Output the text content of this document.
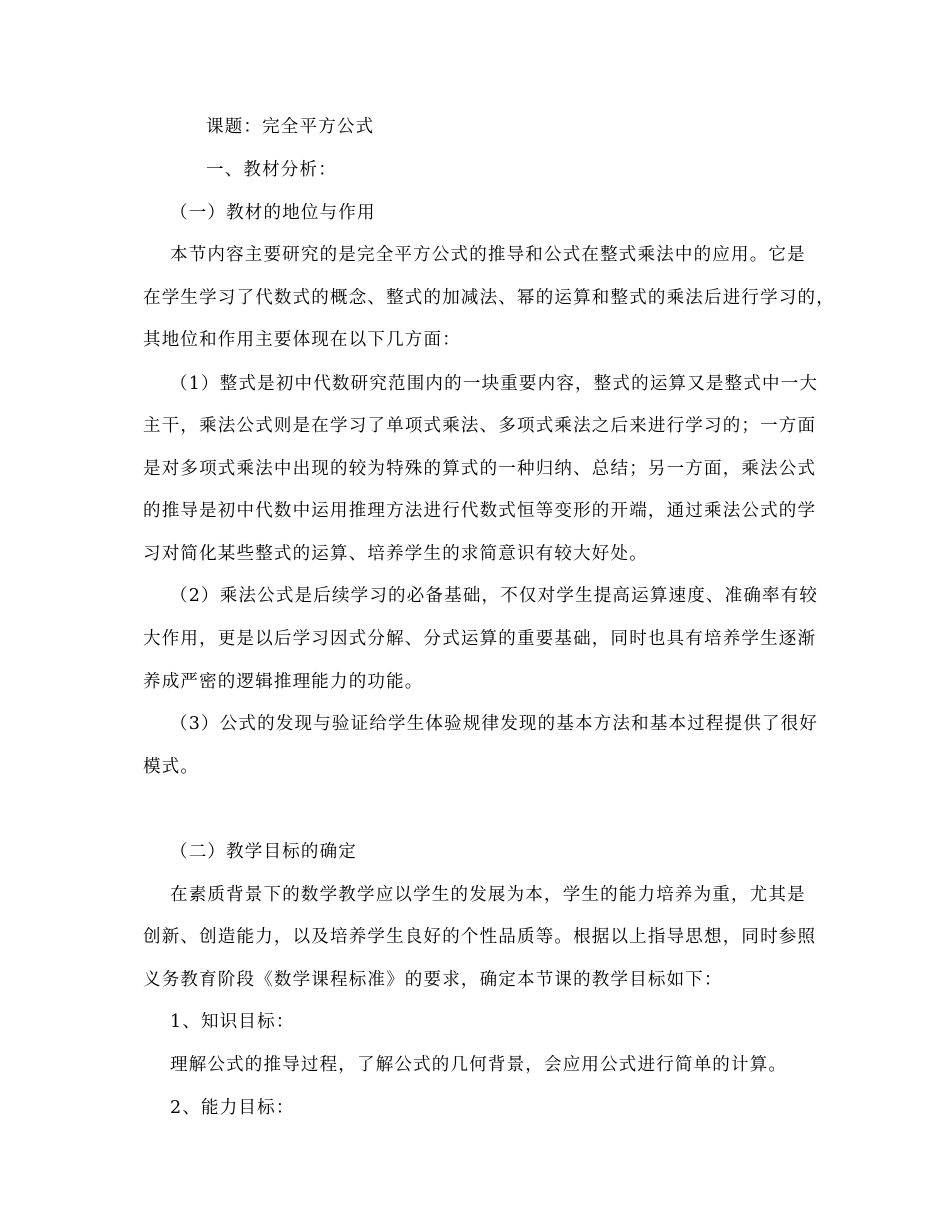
课题：完全平方公式
一、教材分析：
（一）教材的地位与作用
本节内容主要研究的是完全平方公式的推导和公式在整式乘法中的应用。它是
在学生学习了代数式的概念、整式的加减法、幂的运算和整式的乘法后进行学习的，
其地位和作用主要体现在以下几方面：
（1）整式是初中代数研究范围内的一块重要内容，整式的运算又是整式中一大
主干，乘法公式则是在学习了单项式乘法、多项式乘法之后来进行学习的；一方面
是对多项式乘法中出现的较为特殊的算式的一种归纳、总结；另一方面，乘法公式
的推导是初中代数中运用推理方法进行代数式恒等变形的开端，通过乘法公式的学
习对简化某些整式的运算、培养学生的求简意识有较大好处。
（2）乘法公式是后续学习的必备基础，不仅对学生提高运算速度、准确率有较
大作用，更是以后学习因式分解、分式运算的重要基础，同时也具有培养学生逐渐
养成严密的逻辑推理能力的功能。
（3）公式的发现与验证给学生体验规律发现的基本方法和基本过程提供了很好
模式。
（二）教学目标的确定
在素质背景下的数学教学应以学生的发展为本，学生的能力培养为重，尤其是
创新、创造能力，以及培养学生良好的个性品质等。根据以上指导思想，同时参照
义务教育阶段《数学课程标准》的要求，确定本节课的教学目标如下：
1、知识目标：
理解公式的推导过程，了解公式的几何背景，会应用公式进行简单的计算。
2、能力目标：
